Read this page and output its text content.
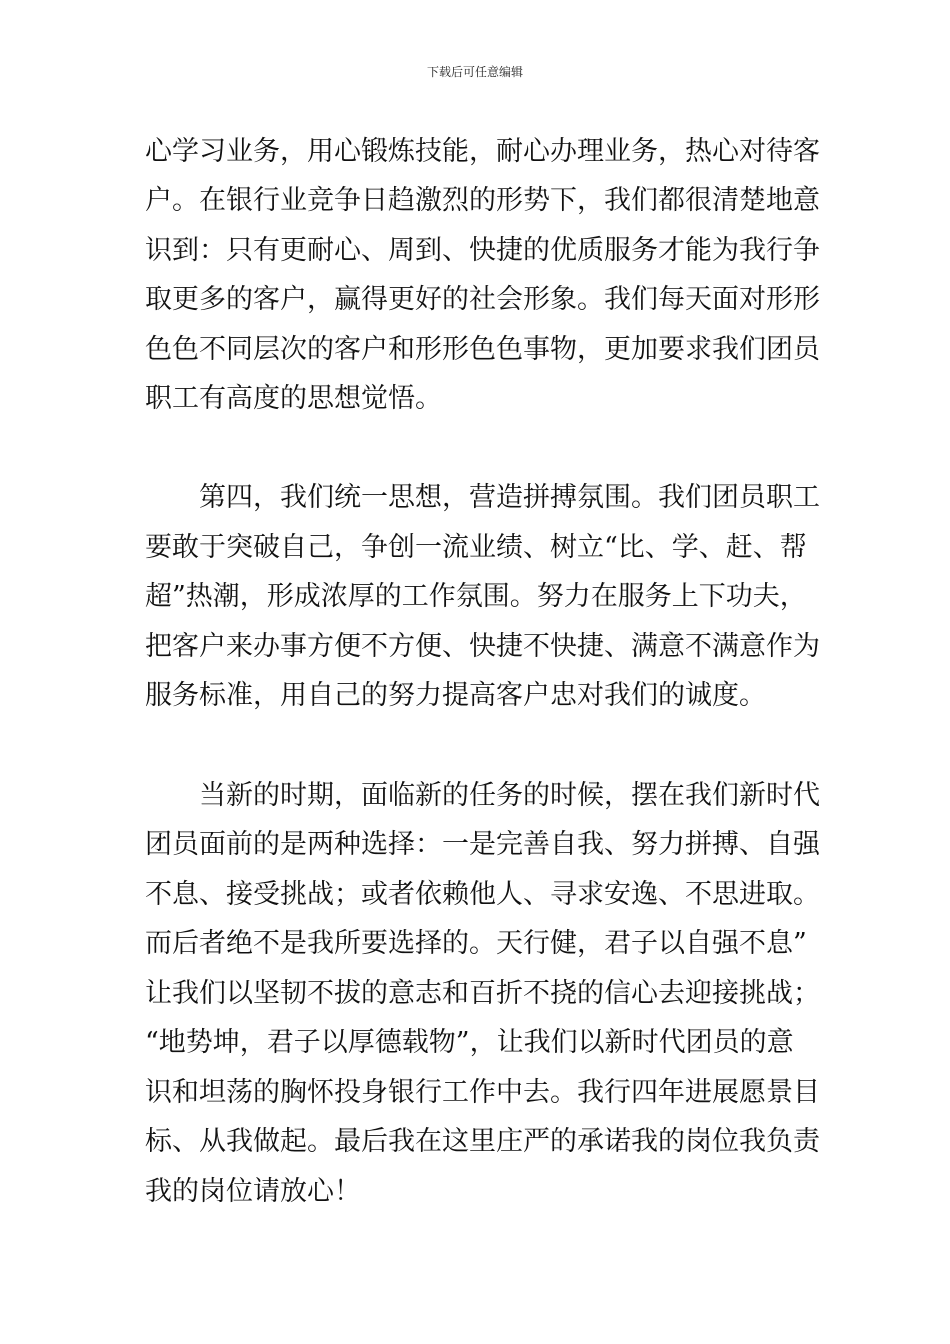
下载后可任意编辑
心学习业务，用心锻炼技能，耐心办理业务，热心对待客
户。在银行业竞争日趋激烈的形势下，我们都很清楚地意
识到：只有更耐心、周到、快捷的优质服务才能为我行争
取更多的客户，赢得更好的社会形象。我们每天面对形形
色色不同层次的客户和形形色色事物，更加要求我们团员
职工有高度的思想觉悟。
第四，我们统一思想，营造拼搏氛围。我们团员职工
要敢于突破自己，争创一流业绩、树立“比、学、赶、帮
超”热潮，形成浓厚的工作氛围。努力在服务上下功夫，
把客户来办事方便不方便、快捷不快捷、满意不满意作为
服务标准，用自己的努力提高客户忠对我们的诚度。
当新的时期，面临新的任务的时候，摆在我们新时代
团员面前的是两种选择：一是完善自我、努力拼搏、自强
不息、接受挑战；或者依赖他人、寻求安逸、不思进取。
而后者绝不是我所要选择的。天行健，君子以自强不息”
让我们以坚韧不拔的意志和百折不挠的信心去迎接挑战；
“地势坤，君子以厚德载物”，让我们以新时代团员的意
识和坦荡的胸怀投身银行工作中去。我行四年进展愿景目
标、从我做起。最后我在这里庄严的承诺我的岗位我负责
我的岗位请放心！
